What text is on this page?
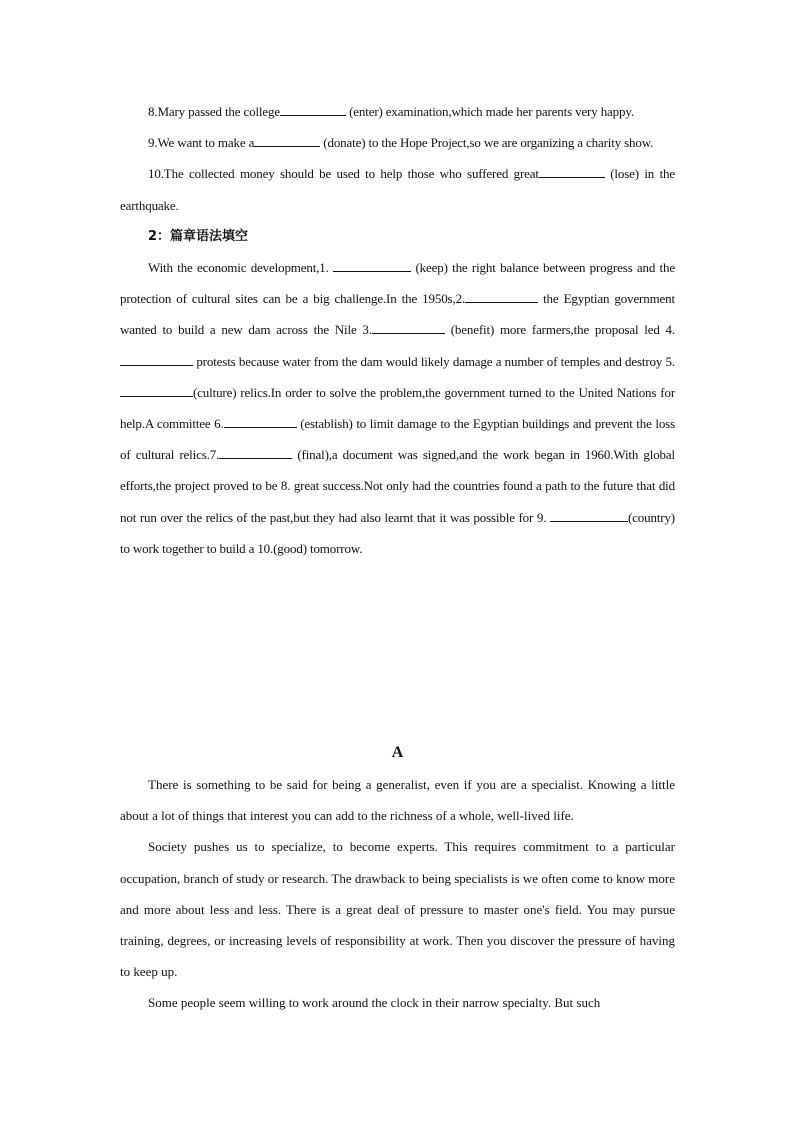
8.Mary passed the college	(enter) examination,which made her parents very happy.

9.We want to make a	(donate) to the Hope Project,so we are organizing a charity show.

10.The collected money should be used to help those who suffered great	(lose) in the earthquake.

2：篇章语法填空

With the economic development,1.	(keep) the right balance between progress and the protection of cultural sites can be a big challenge.In the 1950s,2.	the Egyptian government wanted to build a new dam across the Nile 3.	(benefit) more farmers,the proposal led 4. protests because water from the dam would likely damage a number of temples and destroy 5.(culture) relics.In order to solve the problem,the government turned to the United Nations for help.A committee 6.	(establish) to limit damage to the Egyptian buildings and prevent the loss of cultural relics.7.	(final),a document was signed,and the work began in 1960.With global efforts,the project proved to be 8. great success.Not only had the countries found a path to the future that did not run over the relics of the past,but they had also learnt that it was possible for 9.	(country) to work together to build a 10.(good) tomorrow.

A

There is something to be said for being a generalist, even if you are a specialist. Knowing a little about a lot of things that interest you can add to the richness of a whole, well-lived life.

Society pushes us to specialize, to become experts. This requires commitment to a particular occupation, branch of study or research. The drawback to being specialists is we often come to know more and more about less and less. There is a great deal of pressure to master one's field. You may pursue training, degrees, or increasing levels of responsibility at work. Then you discover the pressure of having to keep up.

Some people seem willing to work around the clock in their narrow specialty. But such
